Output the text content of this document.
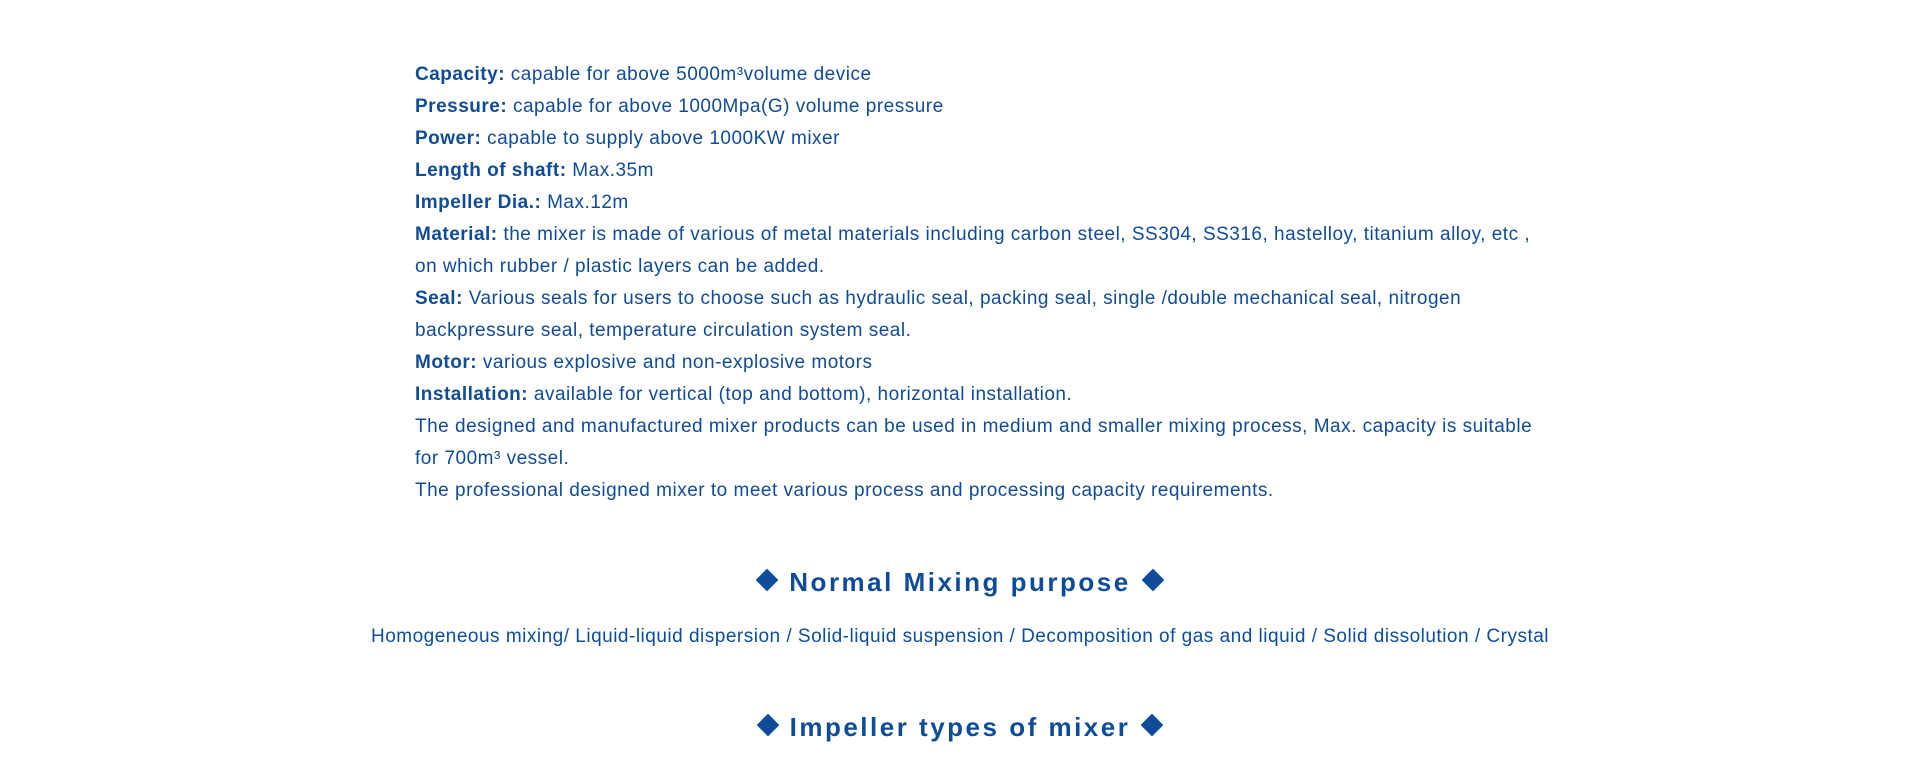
Capacity: capable for above 5000m³volume device

Pressure: capable for above 1000Mpa(G) volume pressure

Power: capable to supply above 1000KW mixer

Length of shaft: Max.35m

Impeller Dia.: Max.12m

Material: the mixer is made of various of metal materials including carbon steel, SS304, SS316, hastelloy, titanium alloy, etc , on which rubber / plastic layers can be added.

Seal: Various seals for users to choose such as hydraulic seal, packing seal, single /double mechanical seal, nitrogen backpressure seal, temperature circulation system seal.

Motor: various explosive and non-explosive motors

Installation: available for vertical (top and bottom), horizontal installation.

The designed and manufactured mixer products can be used in medium and smaller mixing process, Max. capacity is suitable for 700m³ vessel.

The professional designed mixer to meet various process and processing capacity requirements.

Normal Mixing purpose
Homogeneous mixing/ Liquid-liquid dispersion / Solid-liquid suspension / Decomposition of gas and liquid / Solid dissolution / Crystal
Impeller types of mixer
